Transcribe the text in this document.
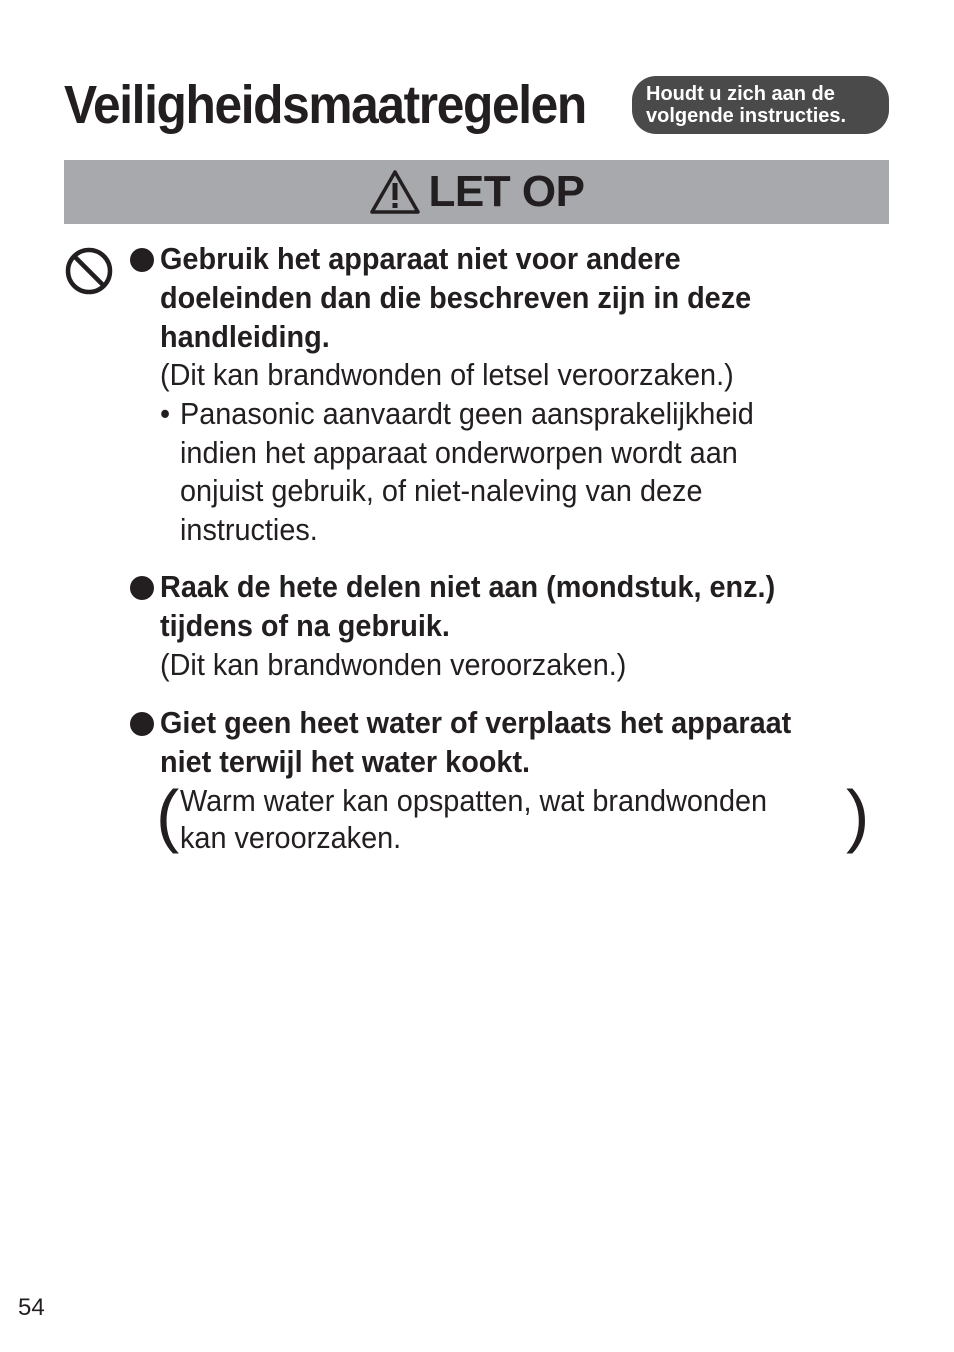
Veiligheidsmaatregelen	Houdt u zich aan de
volgende instructies.
LET OP
Gebruik het apparaat niet voor andere
doeleinden dan die beschreven zijn in deze
handleiding.
(Dit kan brandwonden of letsel veroorzaken.)
• Panasonic aanvaardt geen aansprakelijkheid
indien het apparaat onderworpen wordt aan
onjuist gebruik, of niet-naleving van deze
instructies.
Raak de hete delen niet aan (mondstuk, enz.)
tijdens of na gebruik.
(Dit kan brandwonden veroorzaken.)
Giet geen heet water of verplaats het apparaat
niet terwijl het water kookt.
( Warm water kan opspatten, wat brandwonden
kan veroorzaken.	)
54
